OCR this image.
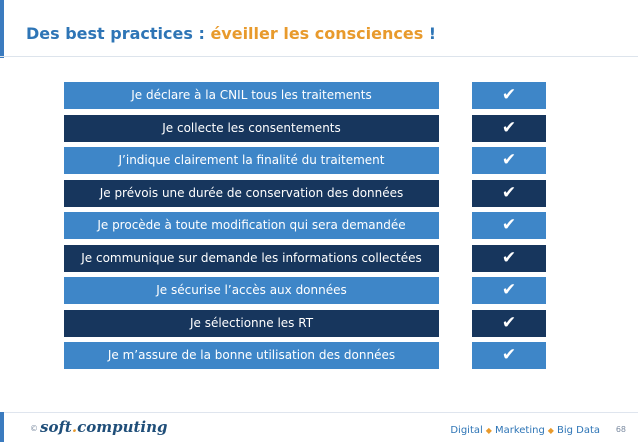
Des best practices : éveiller les consciences !
Je déclare à la CNIL tous les traitements	✔
Je collecte les consentements	✔
J’indique clairement la finalité du traitement	✔
Je prévois une durée de conservation des données	✔
Je procède à toute modification qui sera demandée	✔
Je communique sur demande les informations collectées	✔
Je sécurise l’accès aux données	✔
Je sélectionne les RT	✔
Je m’assure de la bonne utilisation des données	✔
© soft.computing	Digital ◆ Marketing ◆ Big Data 68
